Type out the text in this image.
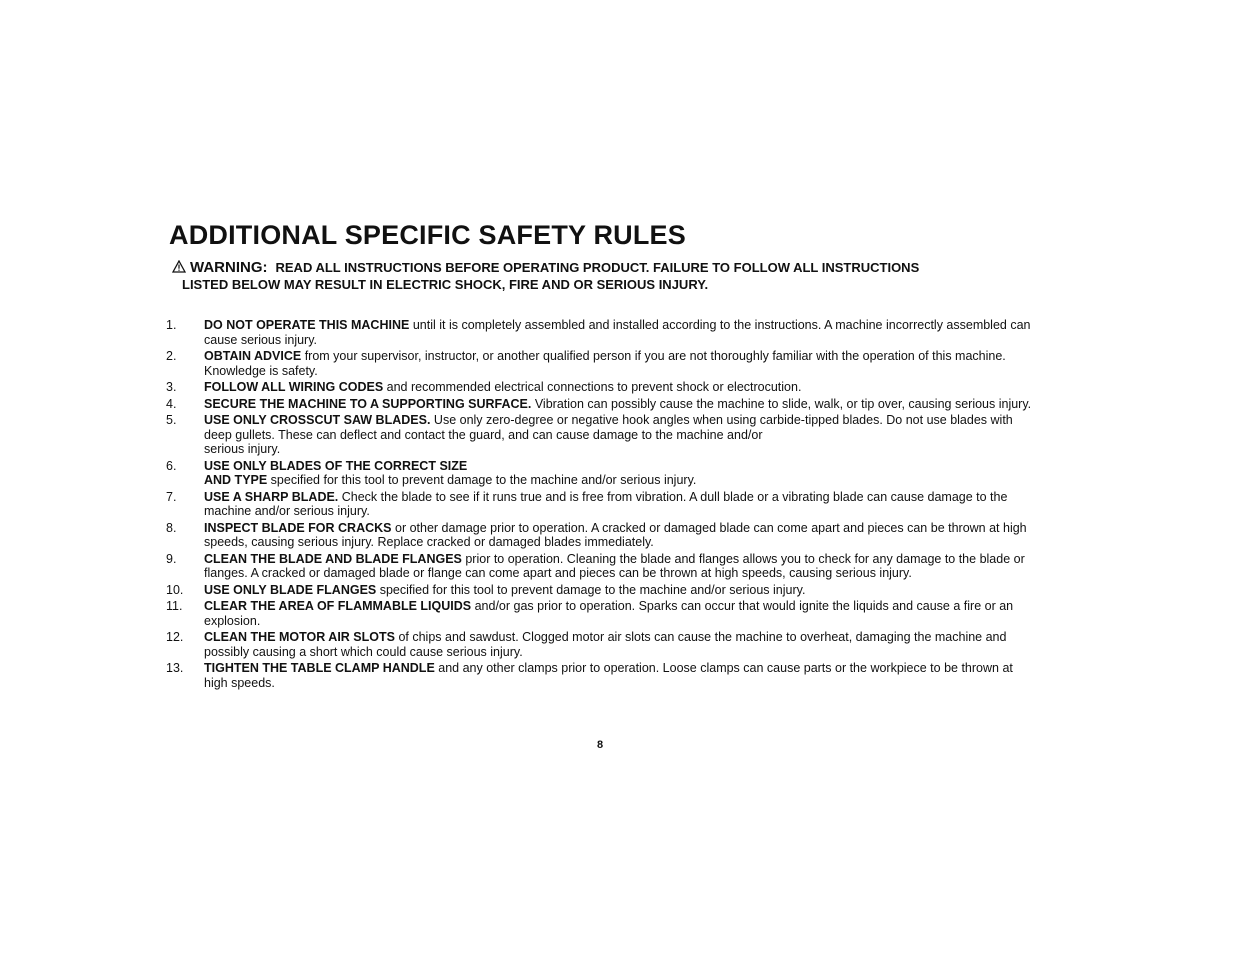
ADDITIONAL SPECIFIC SAFETY RULES
WARNING: READ ALL INSTRUCTIONS BEFORE OPERATING PRODUCT. FAILURE TO FOLLOW ALL INSTRUCTIONS
LISTED BELOW MAY RESULT IN ELECTRIC SHOCK, FIRE AND OR SERIOUS INJURY.
1.	DO NOT OPERATE THIS MACHINE until it is completely assembled and installed according to the instructions. A machine incorrectly assembled can cause serious injury.
2.	OBTAIN ADVICE from your supervisor, instructor, or another qualified person if you are not thoroughly familiar with the operation of this machine. Knowledge is safety.
3.	FOLLOW ALL WIRING CODES and recommended electrical connections to prevent shock or electrocution.
4.	SECURE THE MACHINE TO A SUPPORTING SURFACE. Vibration can possibly cause the machine to slide, walk, or tip over, causing serious injury.
5.	USE ONLY CROSSCUT SAW BLADES. Use only zero-degree or negative hook angles when using carbide-tipped blades. Do not use blades with deep gullets. These can deflect and contact the guard, and can cause damage to the machine and/or
serious injury.
6.	USE ONLY BLADES OF THE CORRECT SIZE
AND TYPE specified for this tool to prevent damage to the machine and/or serious injury.
7.	USE A SHARP BLADE. Check the blade to see if it runs true and is free from vibration. A dull blade or a vibrating blade can cause damage to the machine and/or serious injury.
8.	INSPECT BLADE FOR CRACKS or other damage prior to operation. A cracked or damaged blade can come apart and pieces can be thrown at high
speeds, causing serious injury. Replace cracked or damaged blades immediately.
9.	CLEAN THE BLADE AND BLADE FLANGES prior to operation. Cleaning the blade and flanges allows you to check for any damage to the blade or flanges. A cracked or damaged blade or flange can come apart and pieces can be thrown at high speeds, causing serious injury.
10.	USE ONLY BLADE FLANGES specified for this tool to prevent damage to the machine and/or serious injury.
11.	CLEAR THE AREA OF FLAMMABLE LIQUIDS and/or gas prior to operation. Sparks can occur that would ignite the liquids and cause a fire or an explosion.
12.	CLEAN THE MOTOR AIR SLOTS of chips and sawdust. Clogged motor air slots can cause the machine to overheat, damaging the machine and possibly causing a short which could cause serious injury.
13.	TIGHTEN THE TABLE CLAMP HANDLE and any other clamps prior to operation. Loose clamps can cause parts or the workpiece to be thrown at high speeds.
8
